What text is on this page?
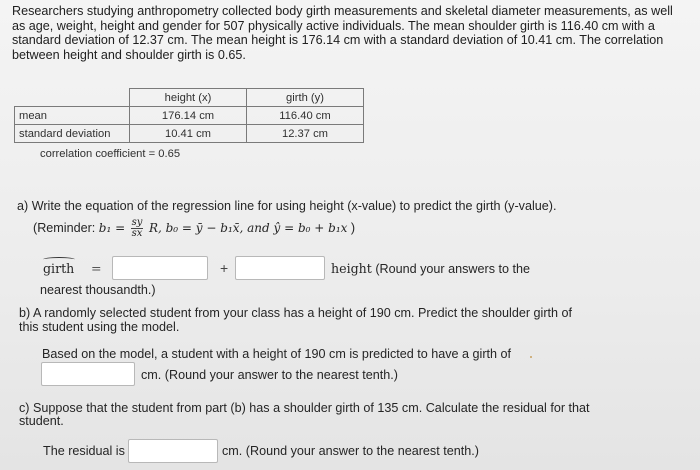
Researchers studying anthropometry collected body girth measurements and skeletal diameter measurements, as well as age, weight, height and gender for 507 physically active individuals. The mean shoulder girth is 116.40 cm with a standard deviation of 12.37 cm. The mean height is 176.14 cm with a standard deviation of 10.41 cm. The correlation between height and shoulder girth is 0.65.
	height (x)	girth (y)
mean	176.14 cm	116.40 cm
standard deviation	10.41 cm	12.37 cm
correlation coefficient = 0.65
a) Write the equation of the regression line for using height (x-value) to predict the girth (y-value).
(Reminder: $b_1 = \frac{sy}{sx} R$, b₀ = ȳ − b₁x̄, and ŷ = b₀ + b₁x )
girth =	+	height (Round your answers to the
nearest thousandth.)
b) A randomly selected student from your class has a height of 190 cm. Predict the shoulder girth of this student using the model.
Based on the model, a student with a height of 190 cm is predicted to have a girth of
cm. (Round your answer to the nearest tenth.)
c) Suppose that the student from part (b) has a shoulder girth of 135 cm. Calculate the residual for that student.
The residual is	cm. (Round your answer to the nearest tenth.)
